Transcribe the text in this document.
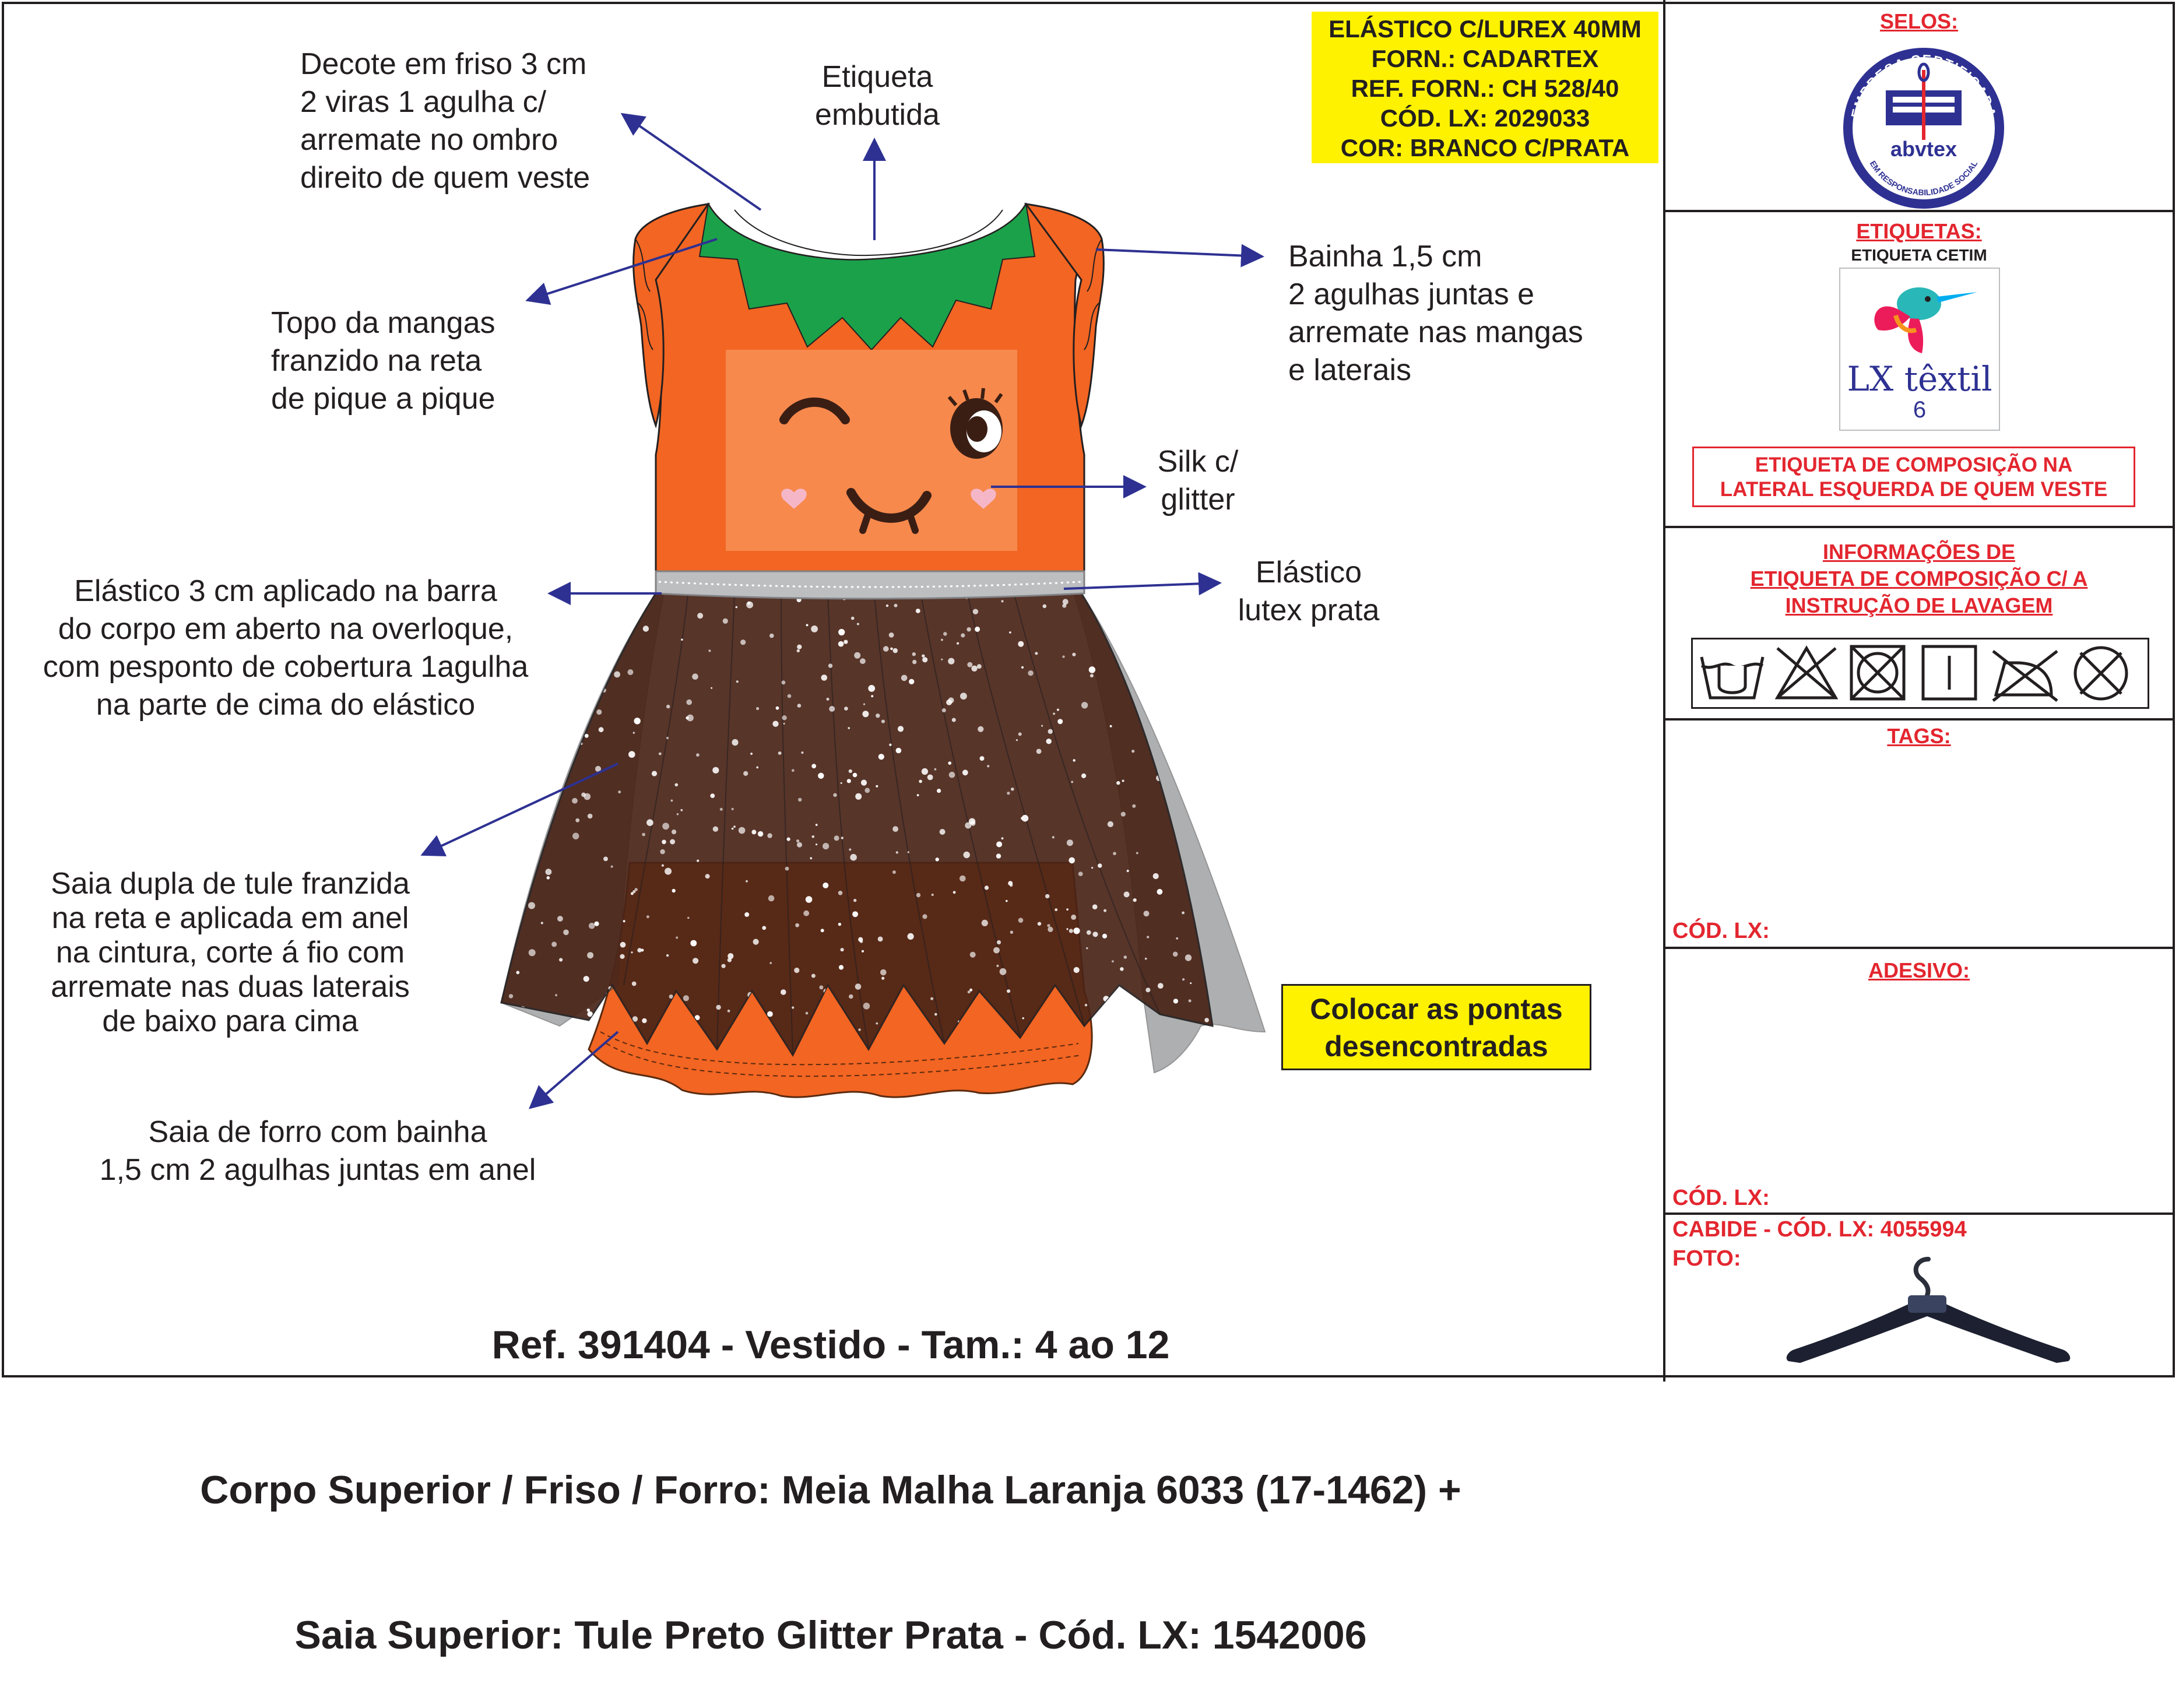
Decote em friso 3 cm
2 viras 1 agulha c/
arremate no ombro
direito de quem veste
Etiqueta
embutida
Topo da mangas
franzido na reta
de pique a pique
Bainha 1,5 cm
2 agulhas juntas e
arremate nas mangas
e laterais
Silk c/
glitter
Elástico
lutex prata
Elástico 3 cm aplicado na barra
do corpo em aberto na overloque,
com pesponto de cobertura 1agulha
na parte de cima do elástico
Saia dupla de tule franzida
na reta e aplicada em anel
na cintura, corte á fio com
arremate nas duas laterais
de baixo para cima
Saia de forro com bainha
1,5 cm 2 agulhas juntas em anel
Colocar as pontas
desencontradas
ELÁSTICO C/LUREX 40MM
FORN.: CADARTEX
REF. FORN.: CH 528/40
CÓD. LX: 2029033
COR: BRANCO C/PRATA

Ref. 391404 - Vestido - Tam.: 4 ao 12

Corpo Superior / Friso / Forro: Meia Malha Laranja 6033 (17-1462) +

Saia Superior: Tule Preto Glitter Prata - Cód. LX: 1542006

SELOS:
EMPRESA CERTIFICADA
abvtex
EM RESPONSABILIDADE SOCIAL
ETIQUETAS:
ETIQUETA CETIM
LX têxtil
6
ETIQUETA DE COMPOSIÇÃO NA
LATERAL ESQUERDA DE QUEM VESTE
INFORMAÇÕES DE
ETIQUETA DE COMPOSIÇÃO C/ A
INSTRUÇÃO DE LAVAGEM
TAGS:
CÓD. LX:
ADESIVO:
CÓD. LX:
CABIDE - CÓD. LX: 4055994
FOTO:
